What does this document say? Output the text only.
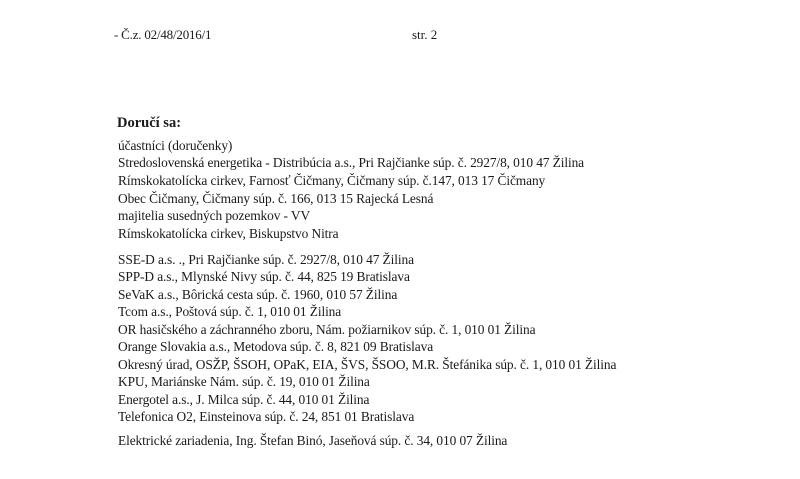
- Č.z. 02/48/2016/1	str. 2
Doručí sa:
účastníci (doručenky)
Stredoslovenská energetika - Distribúcia a.s., Pri Rajčianke súp. č. 2927/8, 010 47 Žilina
Rímskokatolícka cirkev, Farnosť Čičmany, Čičmany súp. č.147, 013 17 Čičmany
Obec Čičmany, Čičmany súp. č. 166, 013 15 Rajecká Lesná
majitelia susedných pozemkov - VV
Rímskokatolícka cirkev, Biskupstvo Nitra
SSE-D a.s. ., Pri Rajčianke súp. č. 2927/8, 010 47 Žilina
SPP-D a.s., Mlynské Nivy súp. č. 44, 825 19 Bratislava
SeVaK a.s., Bôrická cesta súp. č. 1960, 010 57 Žilina
Tcom a.s., Poštová súp. č. 1, 010 01 Žilina
OR hasičského a záchranného zboru, Nám. požiarnikov súp. č. 1, 010 01 Žilina
Orange Slovakia a.s., Metodova súp. č. 8, 821 09 Bratislava
Okresný úrad, OSŽP, ŠSOH, OPaK, EIA, ŠVS, ŠSOO, M.R. Štefánika súp. č. 1, 010 01 Žilina
KPU, Mariánske Nám. súp. č. 19, 010 01 Žilina
Energotel a.s., J. Milca súp. č. 44, 010 01 Žilina
Telefonica O2, Einsteinova súp. č. 24, 851 01 Bratislava
Elektrické zariadenia, Ing. Štefan Binó, Jaseňová súp. č. 34, 010 07 Žilina
